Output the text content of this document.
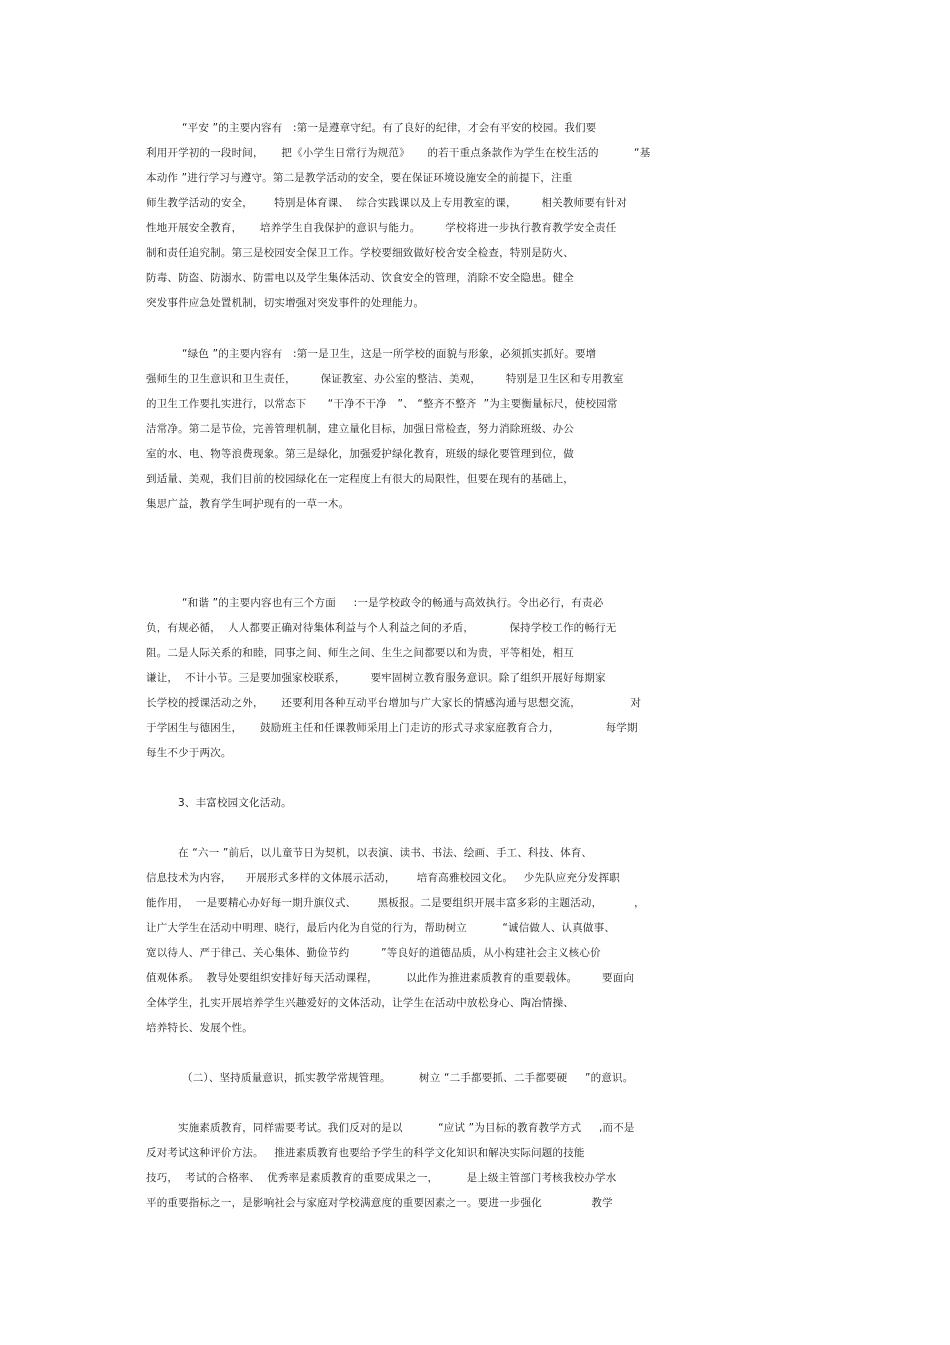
“平安 ”的主要内容有   :第一是遵章守纪。有了良好的纪律，才会有平安的校园。我们要
利用开学初的一段时间，     把《小学生日常行为规范》     的若干重点条款作为学生在校生活的          “基
本动作 ”进行学习与遵守。第二是教学活动的安全，要在保证环境设施安全的前提下，注重
师生教学活动的安全，      特别是体育课、  综合实践课以及上专用教室的课，       相关教师要有针对
性地开展安全教育，     培养学生自我保护的意识与能力。       学校将进一步执行教育教学安全责任
制和责任追究制。第三是校园安全保卫工作。学校要细致做好校舍安全检查，特别是防火、
防毒、防盗、防溺水、防雷电以及学生集体活动、饮食安全的管理，消除不安全隐患。健全
突发事件应急处置机制，切实增强对突发事件的处理能力。
“绿色 ”的主要内容有   :第一是卫生，这是一所学校的面貌与形象，必须抓实抓好。要增
强师生的卫生意识和卫生责任，       保证教室、办公室的整洁、美观，       特别是卫生区和专用教室
的卫生工作要扎实进行，以常态下      “干净不干净   ”、 “整齐不整齐  ”为主要衡量标尺，使校园常
洁常净。第二是节俭，完善管理机制，建立量化目标，加强日常检查，努力消除班级、办公
室的水、电、物等浪费现象。第三是绿化，加强爱护绿化教育，班级的绿化要管理到位，做
到适量、美观，我们目前的校园绿化在一定程度上有很大的局限性，但要在现有的基础上，
集思广益，教育学生呵护现有的一草一木。
“和谐 ”的主要内容也有三个方面     :一是学校政令的畅通与高效执行。令出必行，有责必
负，有规必循，  人人都要正确对待集体利益与个人利益之间的矛盾，          保持学校工作的畅行无
阻。二是人际关系的和睦，同事之间、师生之间、生生之间都要以和为贵，平等相处，相互
谦让，  不计小节。三是要加强家校联系，       要牢固树立教育服务意识。除了组织开展好每期家
长学校的授课活动之外，     还要利用各种互动平台增加与广大家长的情感沟通与思想交流，              对
于学困生与德困生，     鼓励班主任和任课教师采用上门走访的形式寻求家庭教育合力，             每学期
每生不少于两次。
3、丰富校园文化活动。
在 “六一 ”前后，以儿童节日为契机，以表演、读书、书法、绘画、手工、科技、体育、
信息技术为内容，    开展形式多样的文体展示活动，      培育高雅校园文化。   少先队应充分发挥职
能作用，  一是要精心办好每一期升旗仪式、      黑板报。二是要组织开展丰富多彩的主题活动，         ，
让广大学生在活动中明理、晓行，最后内化为自觉的行为，帮助树立          “诚信做人、认真做事、
宽以待人、严于律己、关心集体、勤俭节约         ”等良好的道德品质，从小构建社会主义核心价
值观体系。  教导处要组织安排好每天活动课程，        以此作为推进素质教育的重要载体。       要面向
全体学生，扎实开展培养学生兴趣爱好的文体活动，让学生在活动中放松身心、陶冶情操、
培养特长、发展个性。
（二）、坚持质量意识，抓实教学常规管理。        树立 “二手都要抓、二手都要硬     ”的意识。
实施素质教育，同样需要考试。我们反对的是以          “应试 ”为目标的教育教学方式     ,而不是
反对考试这种评价方法。   推进素质教育也要给予学生的科学文化知识和解决实际问题的技能
技巧，  考试的合格率、  优秀率是素质教育的重要成果之一，        是上级主管部门考核我校办学水
平的重要指标之一，是影响社会与家庭对学校满意度的重要因素之一。要进一步强化              教学
